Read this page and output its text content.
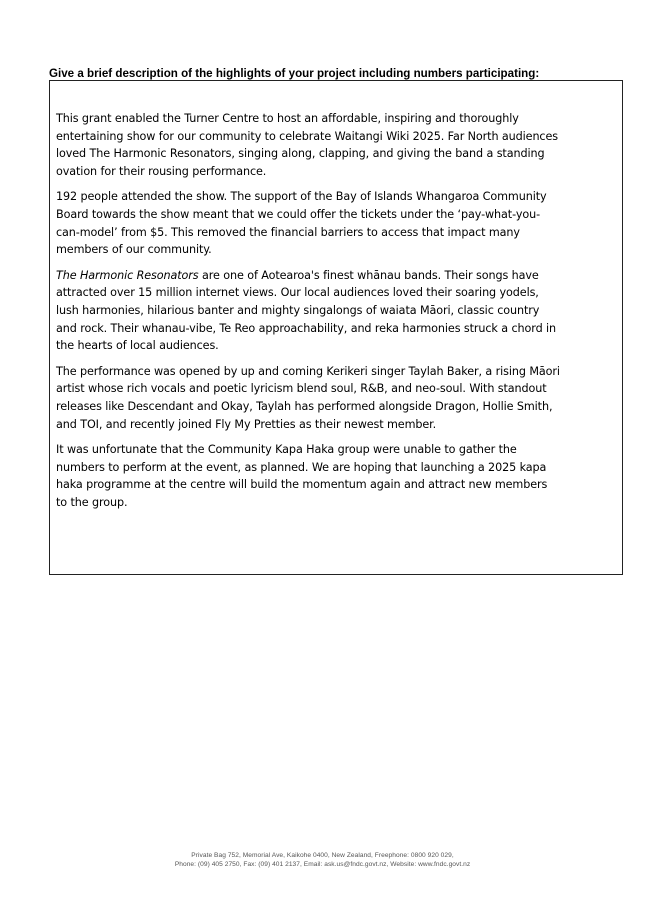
Give a brief description of the highlights of your project including numbers participating:

This grant enabled the Turner Centre to host an affordable, inspiring and thoroughly entertaining show for our community to celebrate Waitangi Wiki 2025. Far North audiences loved The Harmonic Resonators, singing along, clapping, and giving the band a standing ovation for their rousing performance.

192 people attended the show. The support of the Bay of Islands Whangaroa Community Board towards the show meant that we could offer the tickets under the ‘pay-what-you-can-model’ from $5. This removed the financial barriers to access that impact many members of our community.

The Harmonic Resonators are one of Aotearoa's finest whānau bands. Their songs have attracted over 15 million internet views. Our local audiences loved their soaring yodels, lush harmonies, hilarious banter and mighty singalongs of waiata Māori, classic country and rock. Their whanau-vibe, Te Reo approachability, and reka harmonies struck a chord in the hearts of local audiences.

The performance was opened by up and coming Kerikeri singer Taylah Baker, a rising Māori artist whose rich vocals and poetic lyricism blend soul, R&B, and neo-soul. With standout releases like Descendant and Okay, Taylah has performed alongside Dragon, Hollie Smith, and TOI, and recently joined Fly My Pretties as their newest member.

It was unfortunate that the Community Kapa Haka group were unable to gather the numbers to perform at the event, as planned. We are hoping that launching a 2025 kapa haka programme at the centre will build the momentum again and attract new members to the group.

Private Bag 752, Memorial Ave, Kaikohe 0400, New Zealand, Freephone: 0800 920 029,
Phone: (09) 405 2750, Fax: (09) 401 2137, Email: ask.us@fndc.govt.nz, Website: www.fndc.govt.nz
